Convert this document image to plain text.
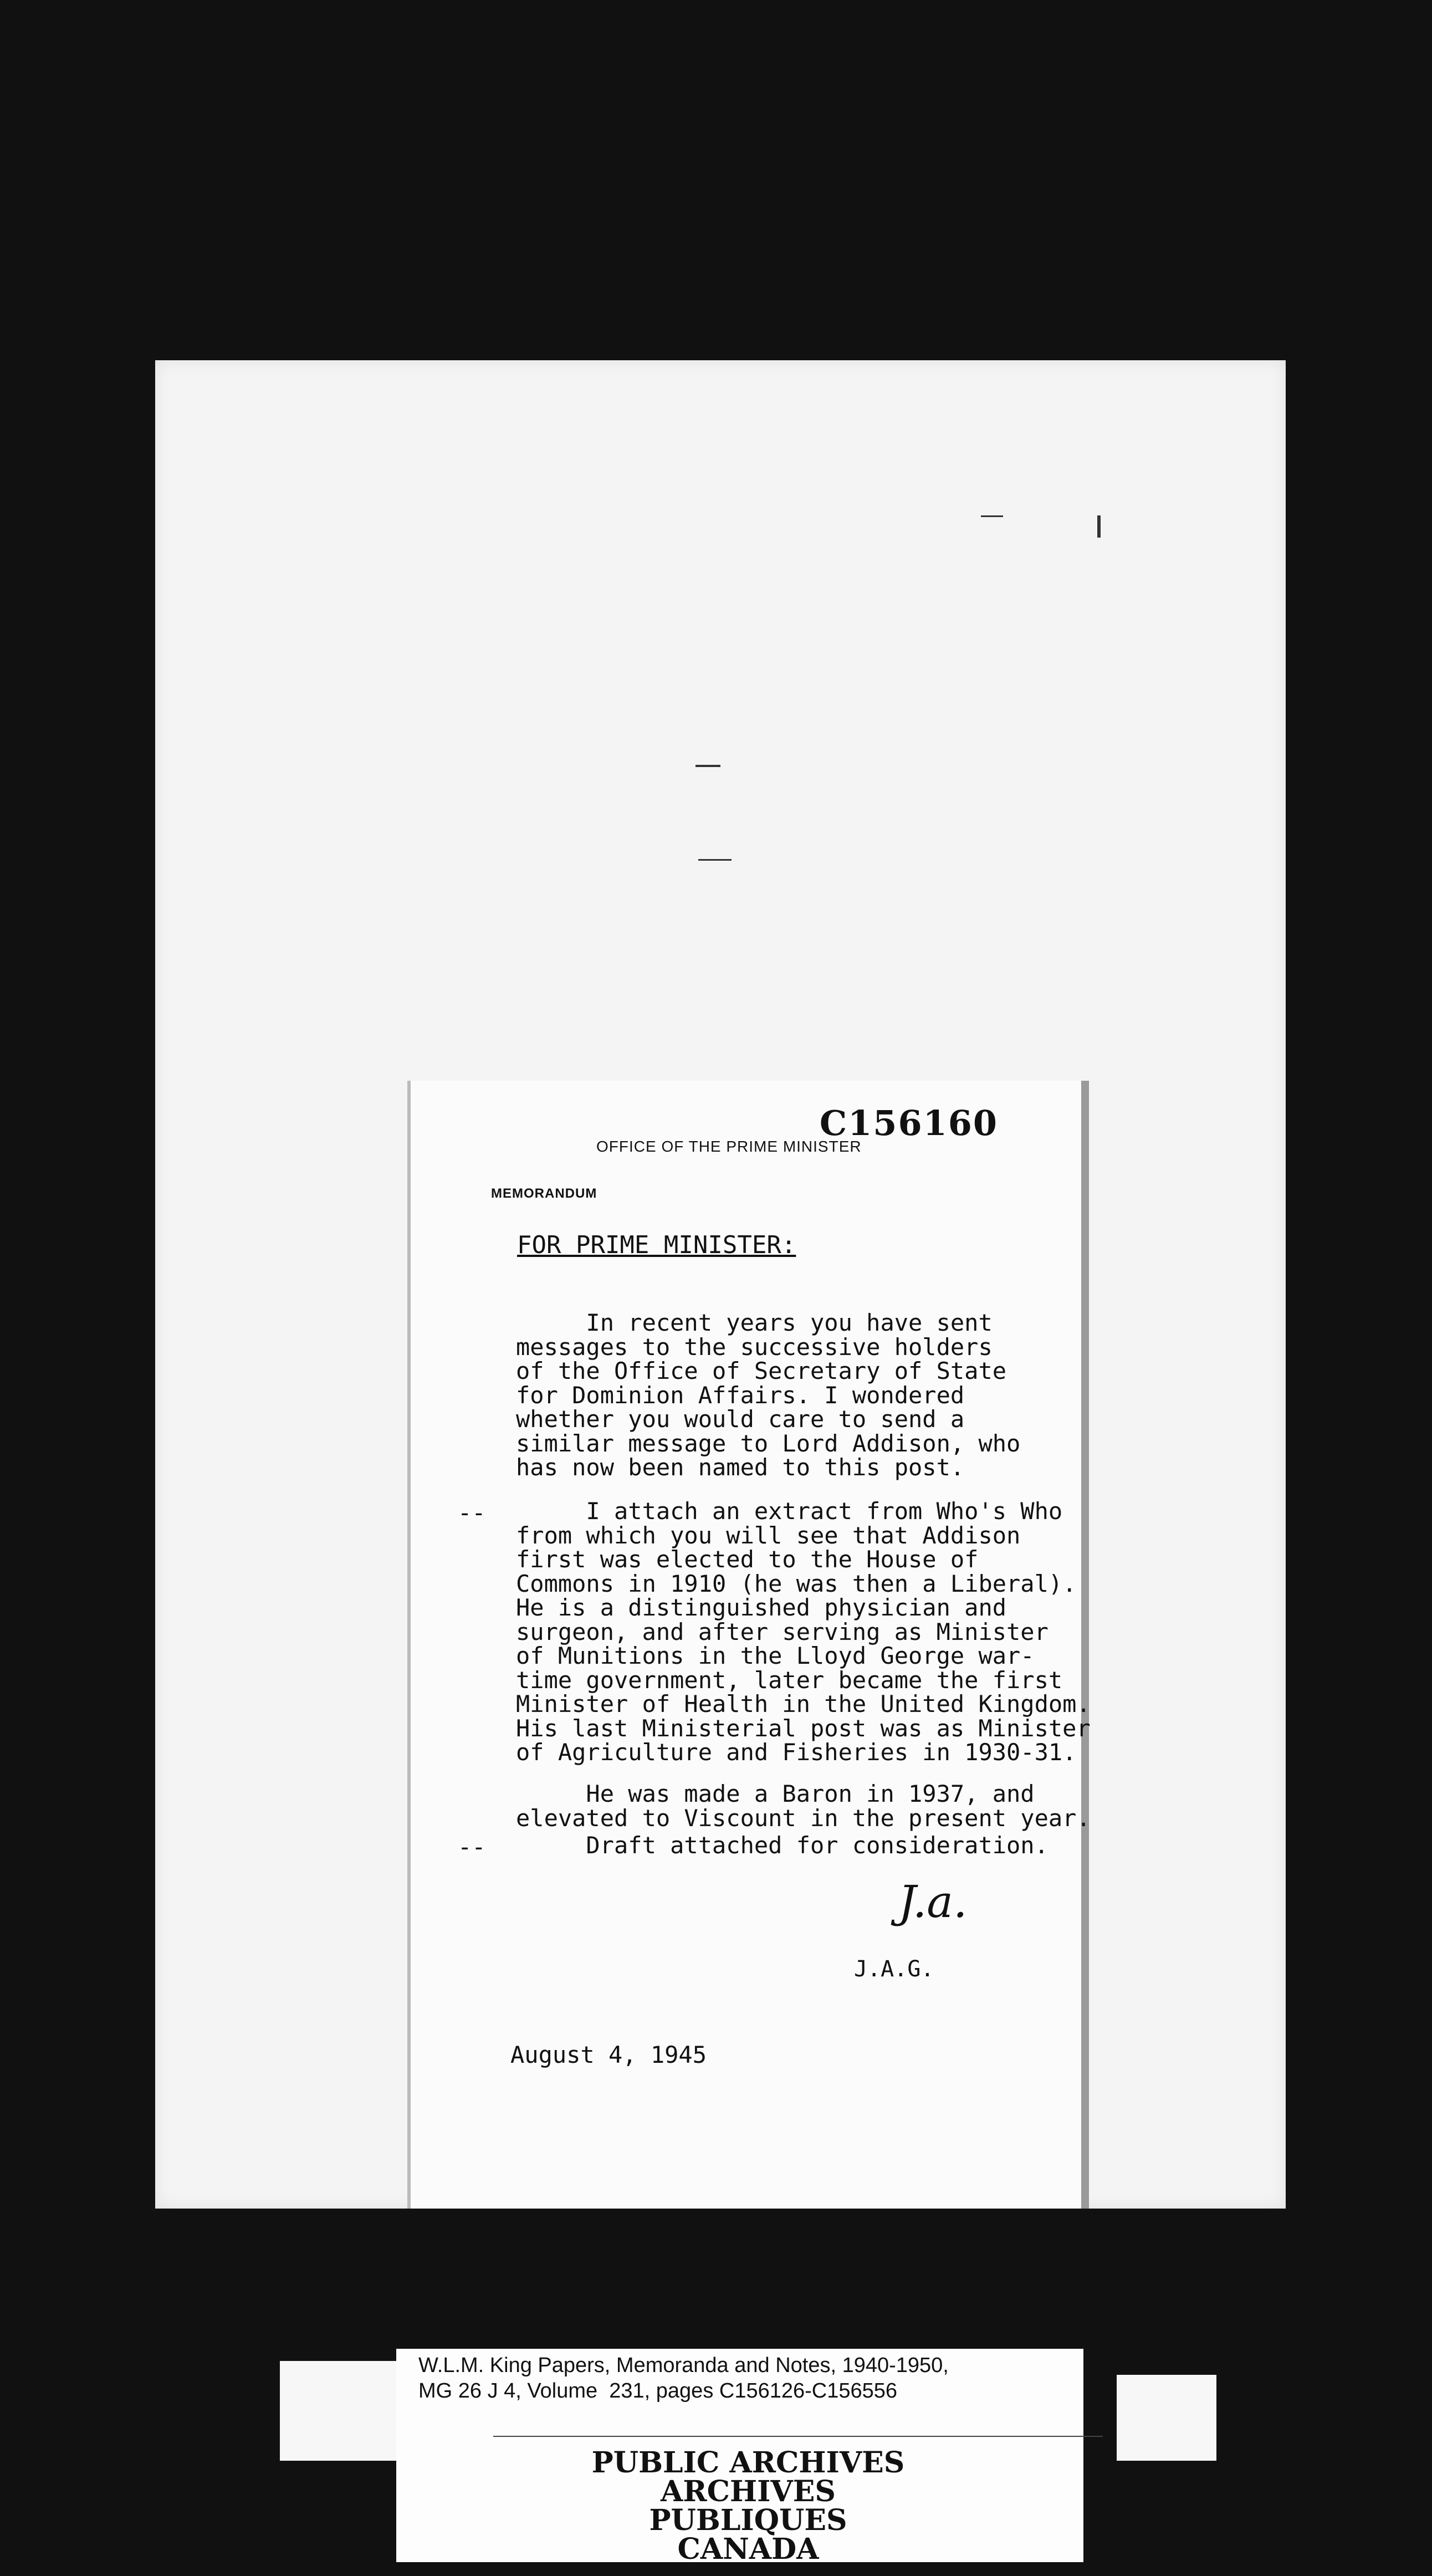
C156160
OFFICE OF THE PRIME MINISTER
MEMORANDUM
FOR PRIME MINISTER:
In recent years you have sent
messages to the successive holders
of the Office of Secretary of State
for Dominion Affairs. I wondered
whether you would care to send a
similar message to Lord Addison, who
has now been named to this post.
--	I attach an extract from Who's Who
from which you will see that Addison
first was elected to the House of
Commons in 1910 (he was then a Liberal).
He is a distinguished physician and
surgeon, and after serving as Minister
of Munitions in the Lloyd George war-
time government, later became the first
Minister of Health in the United Kingdom.
His last Ministerial post was as Minister
of Agriculture and Fisheries in 1930-31.
He was made a Baron in 1937, and
elevated to Viscount in the present year.
-- Draft attached for consideration.
J.a.
J.A.G.
August 4, 1945
W.L.M. King Papers, Memoranda and Notes, 1940-1950,
MG 26 J 4, Volume  231, pages C156126-C156556
PUBLIC ARCHIVES
ARCHIVES PUBLIQUES
CANADA
